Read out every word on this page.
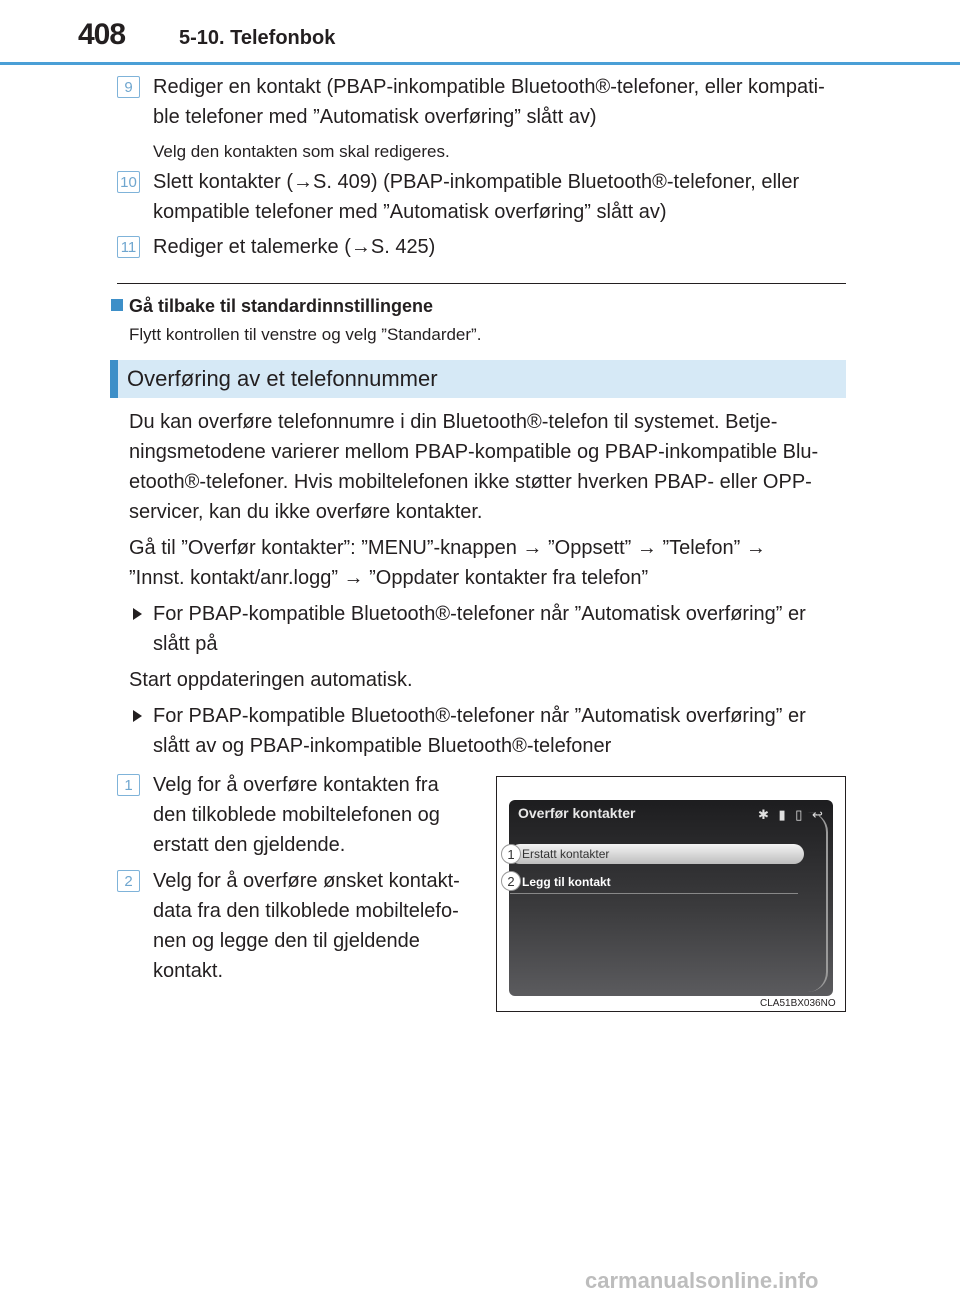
408	5-10. Telefonbok
9	Rediger en kontakt (PBAP-inkompatible Bluetooth®-telefoner, eller kompati-
ble telefoner med ”Automatisk overføring” slått av)
Velg den kontakten som skal redigeres.
10 Slett kontakter (→S. 409) (PBAP-inkompatible Bluetooth®-telefoner, eller
kompatible telefoner med ”Automatisk overføring” slått av)
11 Rediger et talemerke (→S. 425)
Gå tilbake til standardinnstillingene
Flytt kontrollen til venstre og velg ”Standarder”.
Overføring av et telefonnummer
Du kan overføre telefonnumre i din Bluetooth®-telefon til systemet. Betje-
ningsmetodene varierer mellom PBAP-kompatible og PBAP-inkompatible Blu-
etooth®-telefoner. Hvis mobiltelefonen ikke støtter hverken PBAP- eller OPP-
servicer, kan du ikke overføre kontakter.
Gå til ”Overfør kontakter”: ”MENU”-knappen → ”Oppsett” → ”Telefon” →
”Innst. kontakt/anr.logg” → ”Oppdater kontakter fra telefon”
For PBAP-kompatible Bluetooth®-telefoner når ”Automatisk overføring” er
slått på
Start oppdateringen automatisk.
For PBAP-kompatible Bluetooth®-telefoner når ”Automatisk overføring” er
slått av og PBAP-inkompatible Bluetooth®-telefoner
1	Velg for å overføre kontakten fra
den tilkoblede mobiltelefonen og
erstatt den gjeldende.
2	Velg for å overføre ønsket kontakt-
data fra den tilkoblede mobiltelefo-
nen og legge den til gjeldende
kontakt.
Overfør kontakter	✱ ▮ ▯ ↩
Erstatt kontakter
Legg til kontakt
1
2
CLA51BX036NO
carmanualsonline.info
